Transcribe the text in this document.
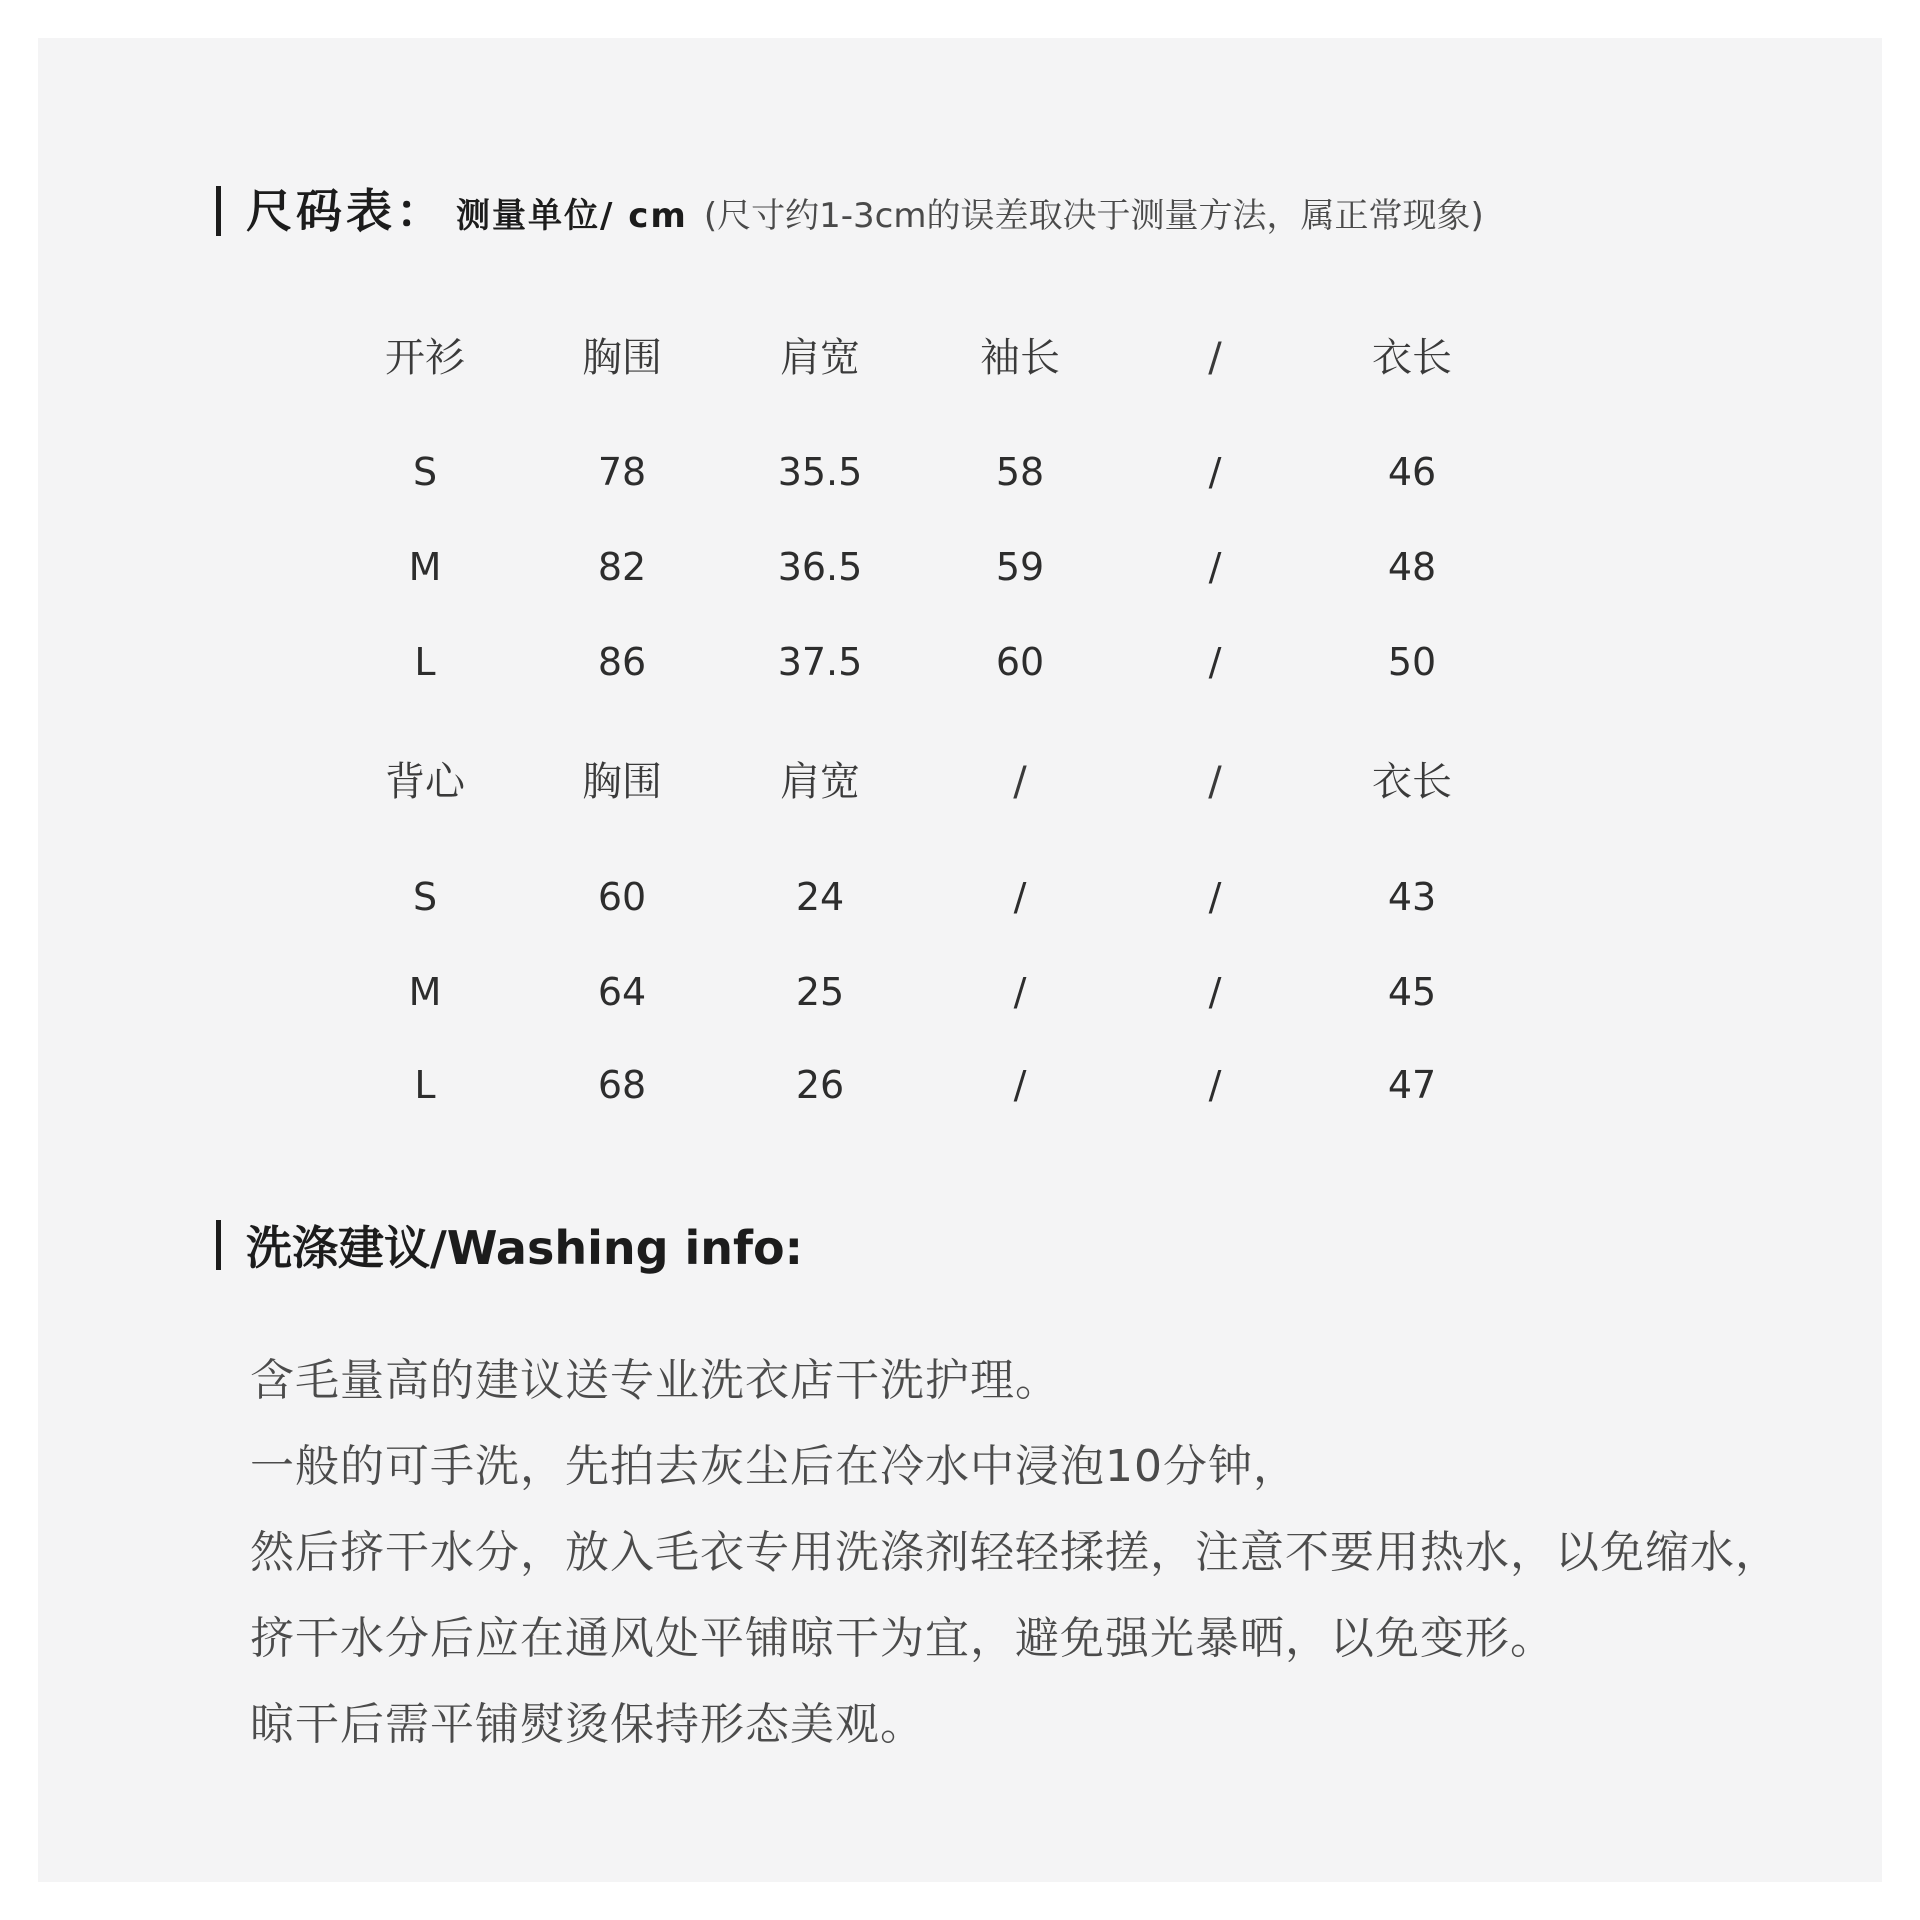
尺码表： 测量单位/ cm (尺寸约1-3cm的误差取决于测量方法，属正常现象)
开衫	胸围	肩宽	袖长	/	衣长
S	78	35.5	58	/	46
M	82	36.5	59	/	48
L	86	37.5	60	/	50
背心	胸围	肩宽	/	/	衣长
S	60	24	/	/	43
M	64	25	/	/	45
L	68	26	/	/	47
洗涤建议/Washing info:
含毛量高的建议送专业洗衣店干洗护理。
一般的可手洗，先拍去灰尘后在冷水中浸泡10分钟，
然后挤干水分，放入毛衣专用洗涤剂轻轻揉搓，注意不要用热水，以免缩水，
挤干水分后应在通风处平铺晾干为宜，避免强光暴晒，以免变形。
晾干后需平铺熨烫保持形态美观。
